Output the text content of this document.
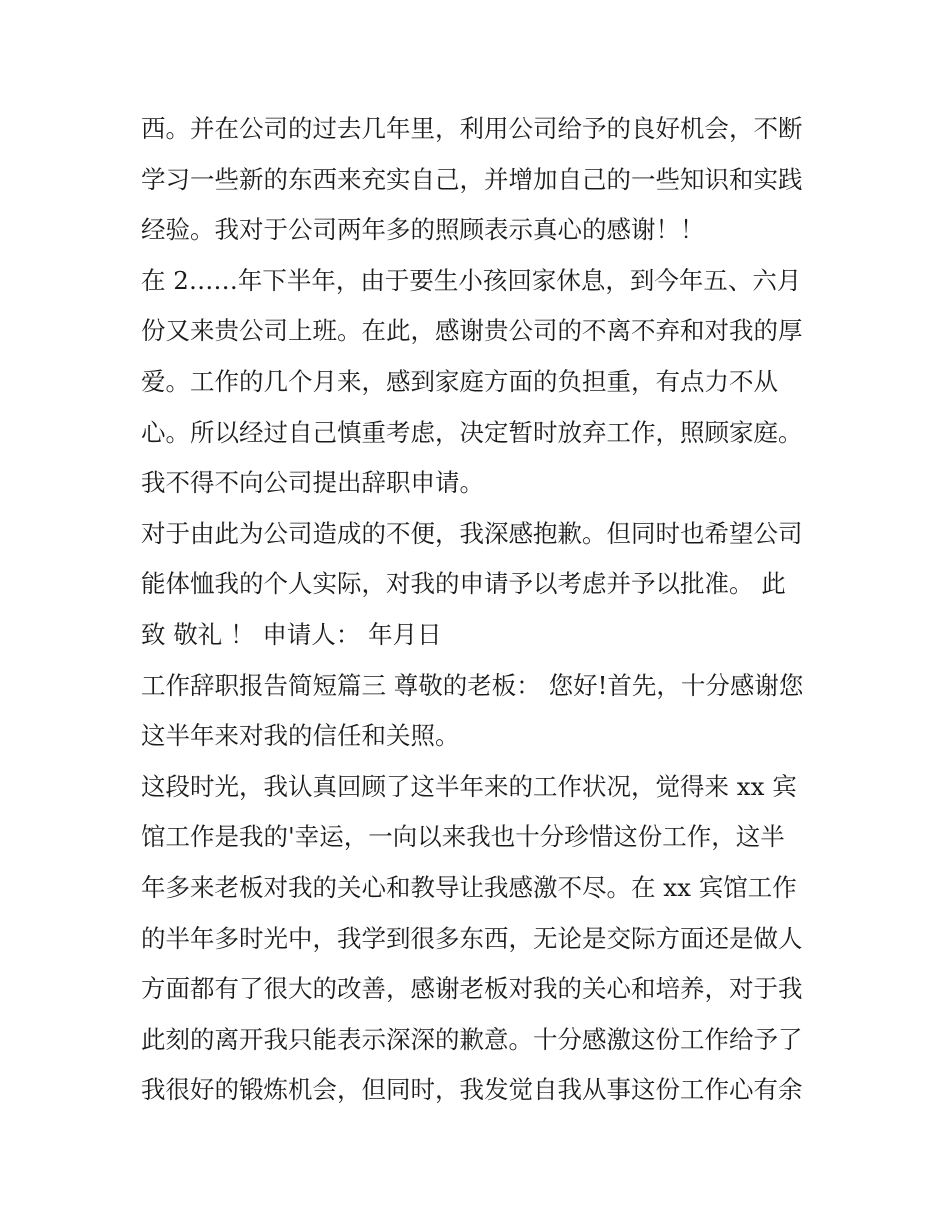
西。并在公司的过去几年里，利用公司给予的良好机会，不断
学习一些新的东西来充实自己，并增加自己的一些知识和实践
经验。我对于公司两年多的照顾表示真心的感谢！！
在 2……年下半年，由于要生小孩回家休息，到今年五、六月
份又来贵公司上班。在此，感谢贵公司的不离不弃和对我的厚
爱。工作的几个月来，感到家庭方面的负担重，有点力不从
心。所以经过自己慎重考虑，决定暂时放弃工作，照顾家庭。
我不得不向公司提出辞职申请。
对于由此为公司造成的不便，我深感抱歉。但同时也希望公司
能体恤我的个人实际，对我的申请予以考虑并予以批准。 此
致 敬礼 ！ 申请人： 年月日
工作辞职报告简短篇三 尊敬的老板： 您好!首先，十分感谢您
这半年来对我的信任和关照。
这段时光，我认真回顾了这半年来的工作状况，觉得来 xx 宾
馆工作是我的'幸运，一向以来我也十分珍惜这份工作，这半
年多来老板对我的关心和教导让我感激不尽。在 xx 宾馆工作
的半年多时光中，我学到很多东西，无论是交际方面还是做人
方面都有了很大的改善，感谢老板对我的关心和培养，对于我
此刻的离开我只能表示深深的歉意。十分感激这份工作给予了
我很好的锻炼机会，但同时，我发觉自我从事这份工作心有余
